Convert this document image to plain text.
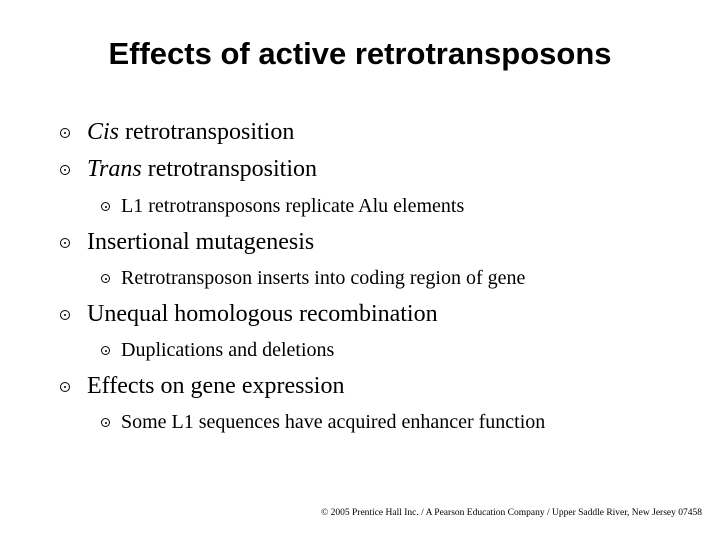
Effects of active retrotransposons
Cis retrotransposition
Trans retrotransposition
L1 retrotransposons replicate Alu elements
Insertional mutagenesis
Retrotransposon inserts into coding region of gene
Unequal homologous recombination
Duplications and deletions
Effects on gene expression
Some L1 sequences have acquired enhancer function
© 2005 Prentice Hall Inc. / A Pearson Education Company / Upper Saddle River, New Jersey 07458
